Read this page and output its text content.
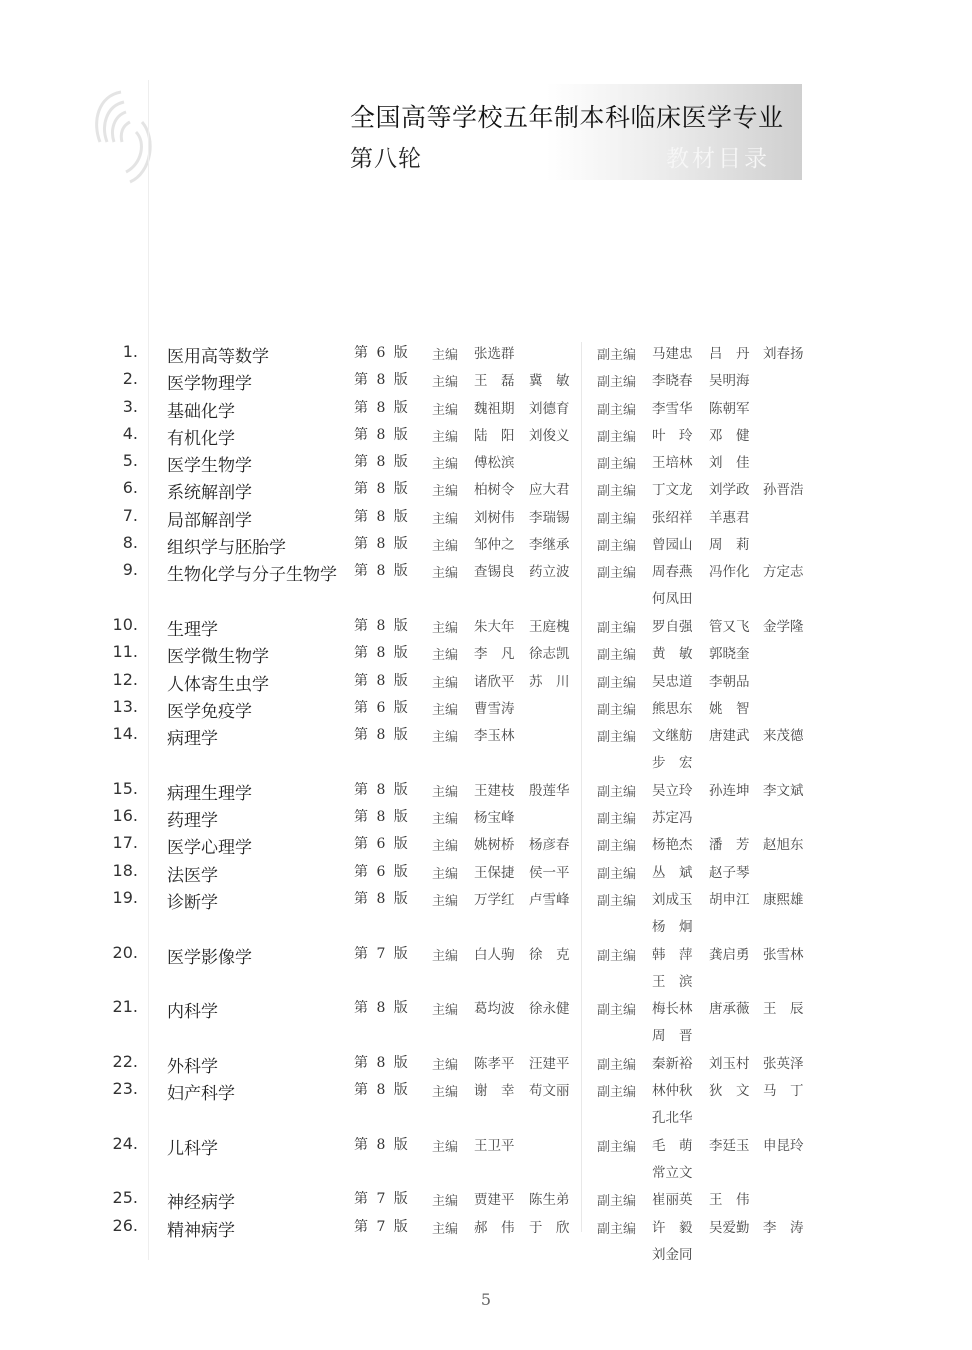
全国高等学校五年制本科临床医学专业
第八轮	教材目录
1. 医用高等数学	第 6 版 主编 张选群	副主编 马建忠 吕　丹 刘春扬
2. 医学物理学	第 8 版 主编 王　磊 冀　敏 副主编 李晓春 吴明海
3. 基础化学	第 8 版 主编 魏祖期 刘德育 副主编 李雪华 陈朝军
4. 有机化学	第 8 版 主编 陆　阳 刘俊义 副主编 叶　玲 邓　健
5. 医学生物学	第 8 版 主编 傅松滨	副主编 王培林 刘　佳
6. 系统解剖学	第 8 版 主编 柏树令 应大君 副主编 丁文龙 刘学政 孙晋浩
7. 局部解剖学	第 8 版 主编 刘树伟 李瑞锡 副主编 张绍祥 羊惠君
8. 组织学与胚胎学	第 8 版 主编 邹仲之 李继承 副主编 曾园山 周　莉
9. 生物化学与分子生物学 第 8 版 主编 查锡良 药立波 副主编 周春燕 冯作化 方定志
何凤田
10. 生理学	第 8 版 主编 朱大年 王庭槐 副主编 罗自强 管又飞 金学隆
11. 医学微生物学	第 8 版 主编 李　凡 徐志凯 副主编 黄　敏 郭晓奎
12. 人体寄生虫学	第 8 版 主编 诸欣平 苏　川 副主编 吴忠道 李朝品
13. 医学免疫学	第 6 版 主编 曹雪涛	副主编 熊思东 姚　智
14. 病理学	第 8 版 主编 李玉林	副主编 文继舫 唐建武 来茂德
步　宏
15. 病理生理学	第 8 版 主编 王建枝 殷莲华 副主编 吴立玲 孙连坤 李文斌
16. 药理学	第 8 版 主编 杨宝峰	副主编 苏定冯
17. 医学心理学	第 6 版 主编 姚树桥 杨彦春 副主编 杨艳杰 潘　芳 赵旭东
18. 法医学	第 6 版 主编 王保捷 侯一平 副主编 丛　斌 赵子琴
19. 诊断学	第 8 版 主编 万学红 卢雪峰 副主编 刘成玉 胡申江 康熙雄
杨　炯
20. 医学影像学	第 7 版 主编 白人驹 徐　克 副主编 韩　萍 龚启勇 张雪林
王　滨
21. 内科学	第 8 版 主编 葛均波 徐永健 副主编 梅长林 唐承薇 王　辰
周　晋
22. 外科学	第 8 版 主编 陈孝平 汪建平 副主编 秦新裕 刘玉村 张英泽
23. 妇产科学	第 8 版 主编 谢　幸 苟文丽 副主编 林仲秋 狄　文 马　丁
孔北华
24. 儿科学	第 8 版 主编 王卫平	副主编 毛　萌 李廷玉 申昆玲
常立文
25. 神经病学	第 7 版 主编 贾建平 陈生弟 副主编 崔丽英 王　伟
26. 精神病学	第 7 版 主编 郝　伟 于　欣 副主编 许　毅 吴爱勤 李　涛
刘金同
5
